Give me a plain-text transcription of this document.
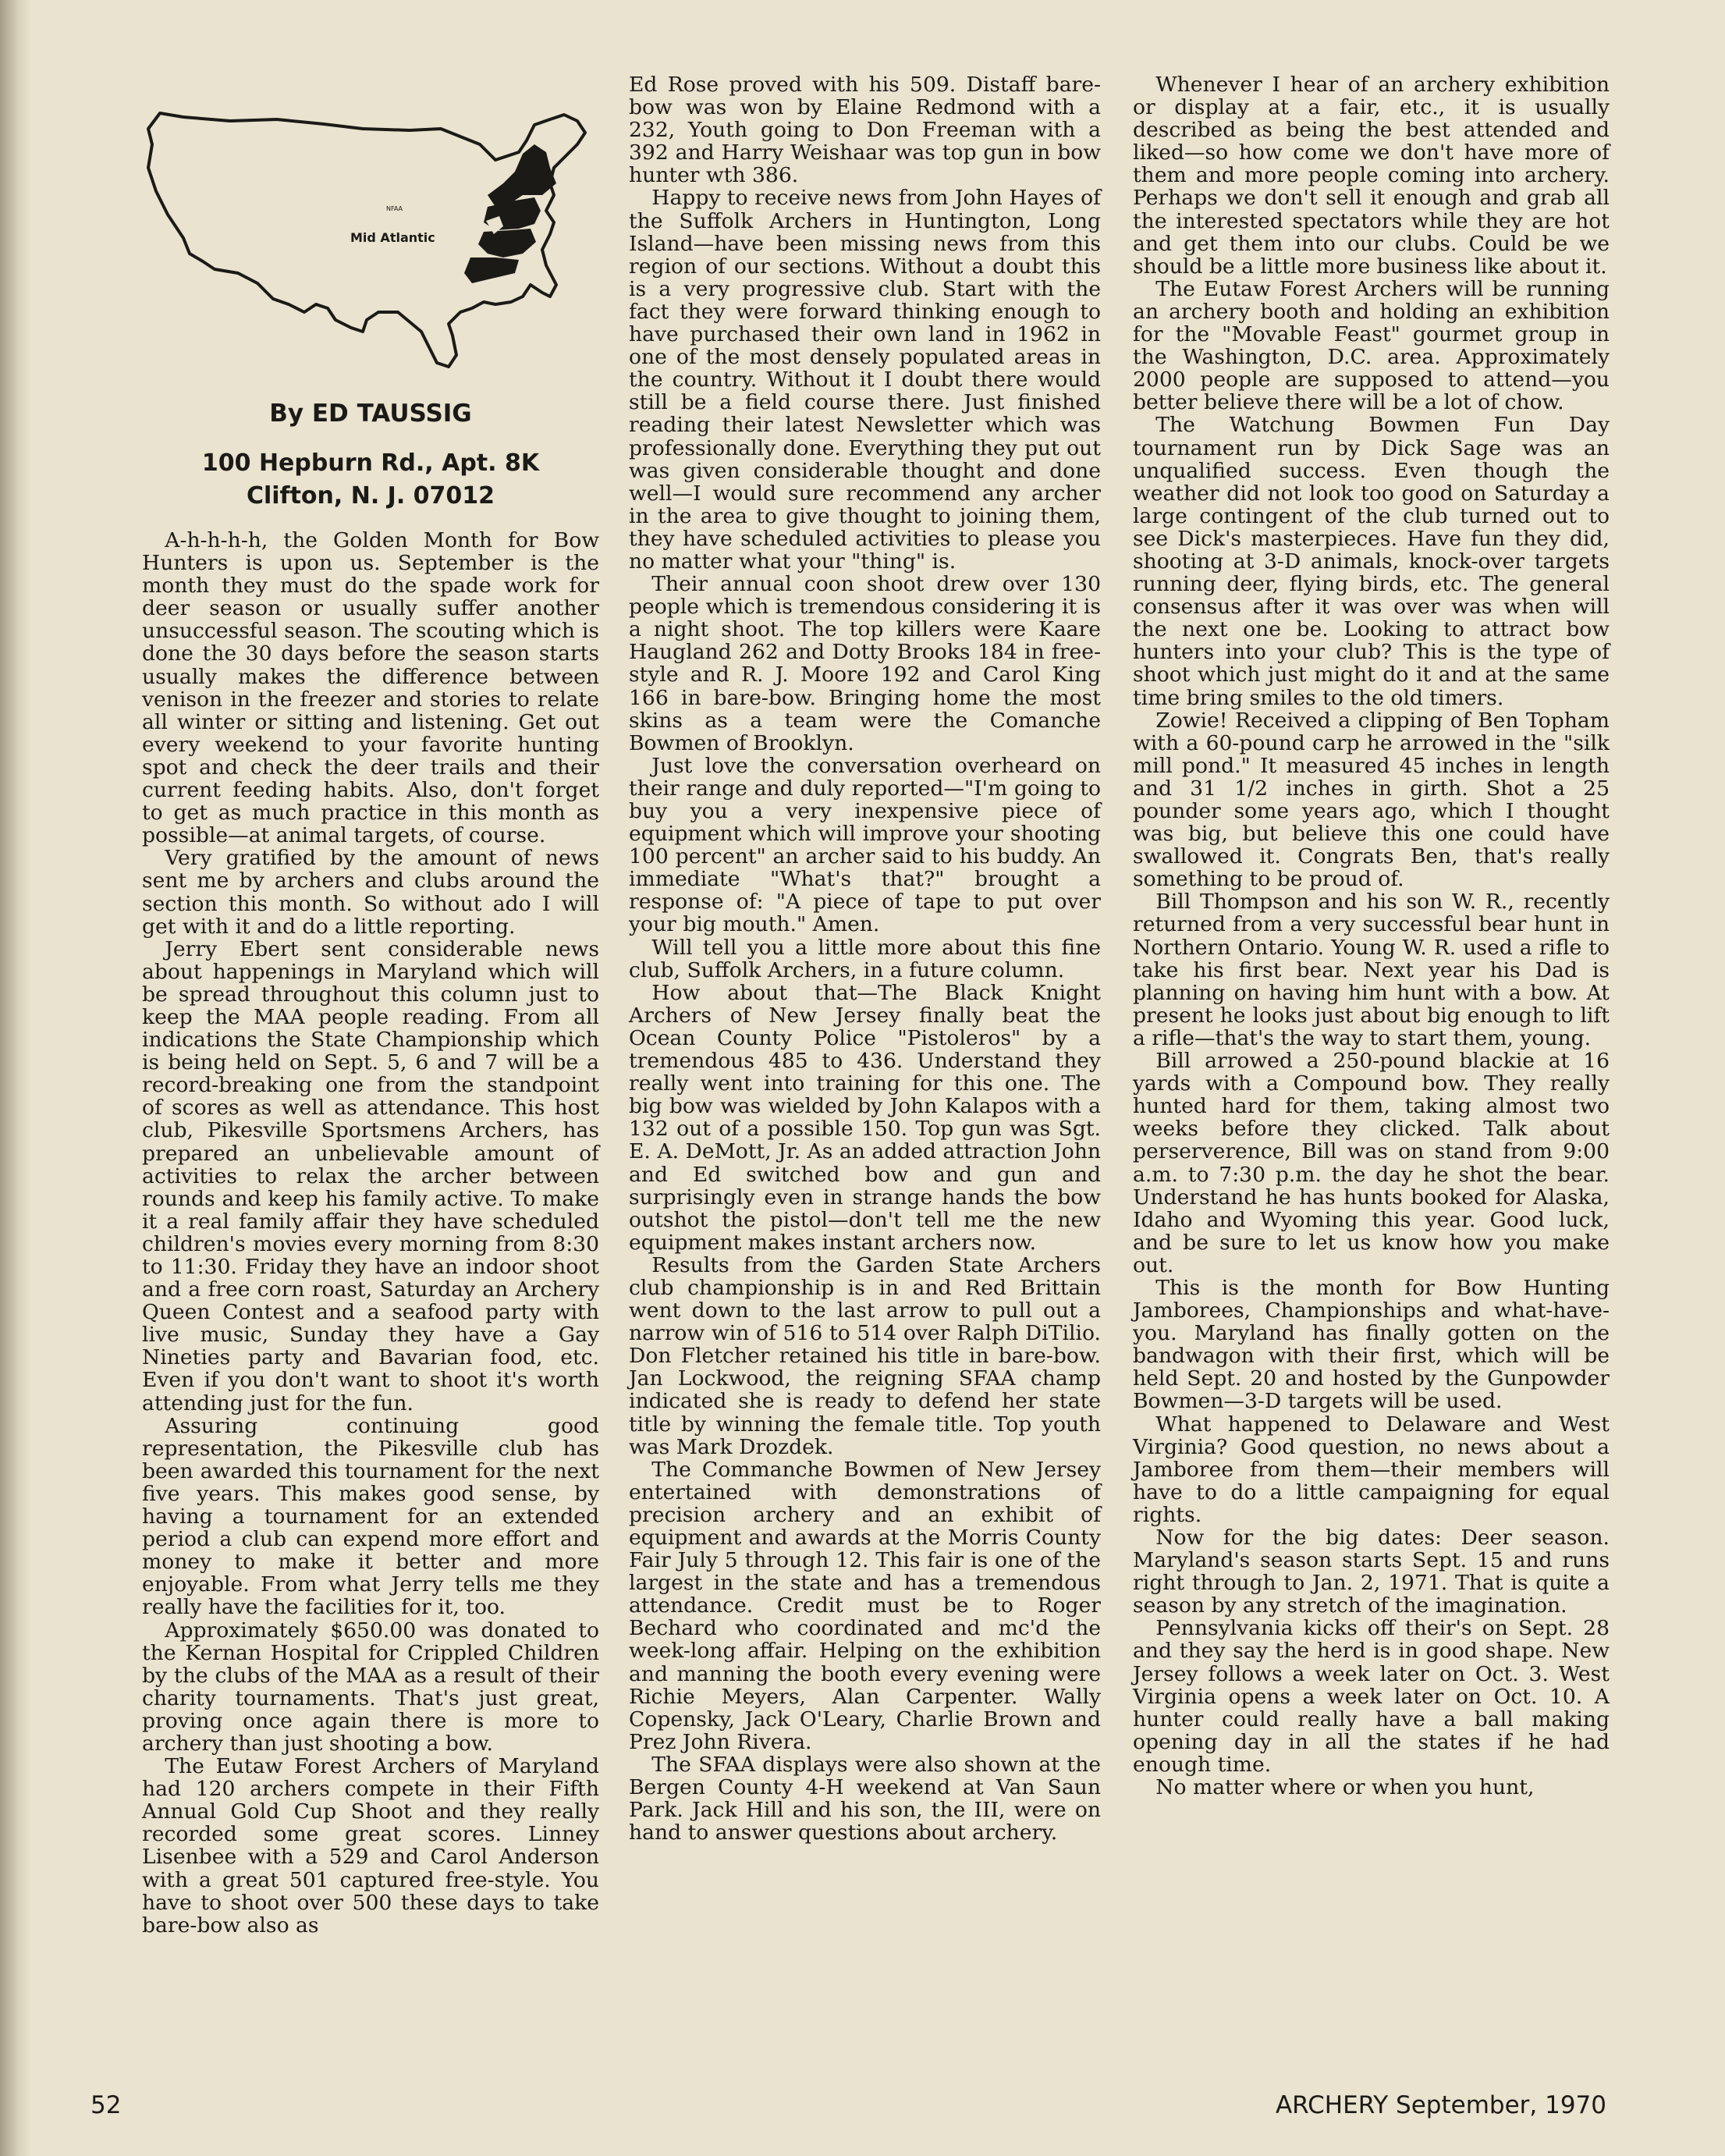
NFAA
Mid Atlantic
By ED TAUSSIG
100 Hepburn Rd., Apt. 8K
Clifton, N. J. 07012

A-h-h-h-h, the Golden Month for Bow Hunters is upon us. September is the month they must do the spade work for deer season or usually suffer another unsuccessful season. The scouting which is done the 30 days before the season starts usually makes the difference between venison in the freezer and stories to relate all winter or sitting and listening. Get out every weekend to your favorite hunting spot and check the deer trails and their current feeding habits. Also, don't forget to get as much practice in this month as possible—at animal targets, of course.

Very gratified by the amount of news sent me by archers and clubs around the section this month. So without ado I will get with it and do a little reporting.

Jerry Ebert sent considerable news about happenings in Maryland which will be spread throughout this column just to keep the MAA people reading. From all indications the State Championship which is being held on Sept. 5, 6 and 7 will be a record-breaking one from the standpoint of scores as well as attendance. This host club, Pikesville Sportsmens Archers, has prepared an unbelievable amount of activities to relax the archer between rounds and keep his family active. To make it a real family affair they have scheduled children's movies every morning from 8:30 to 11:30. Friday they have an indoor shoot and a free corn roast, Saturday an Archery Queen Contest and a seafood party with live music, Sunday they have a Gay Nineties party and Bavarian food, etc. Even if you don't want to shoot it's worth attending just for the fun.

Assuring continuing good representation, the Pikesville club has been awarded this tournament for the next five years. This makes good sense, by having a tournament for an extended period a club can expend more effort and money to make it better and more enjoyable. From what Jerry tells me they really have the facilities for it, too.

Approximately $650.00 was donated to the Kernan Hospital for Crippled Children by the clubs of the MAA as a result of their charity tournaments. That's just great, proving once again there is more to archery than just shooting a bow.

The Eutaw Forest Archers of Maryland had 120 archers compete in their Fifth Annual Gold Cup Shoot and they really recorded some great scores. Linney Lisenbee with a 529 and Carol Anderson with a great 501 captured free-style. You have to shoot over 500 these days to take bare-bow also as

Ed Rose proved with his 509. Distaff bare-bow was won by Elaine Redmond with a 232, Youth going to Don Freeman with a 392 and Harry Weishaar was top gun in bow hunter wth 386.

Happy to receive news from John Hayes of the Suffolk Archers in Huntington, Long Island—have been missing news from this region of our sections. Without a doubt this is a very progressive club. Start with the fact they were forward thinking enough to have purchased their own land in 1962 in one of the most densely populated areas in the country. Without it I doubt there would still be a field course there. Just finished reading their latest Newsletter which was professionally done. Everything they put out was given considerable thought and done well—I would sure recommend any archer in the area to give thought to joining them, they have scheduled activities to please you no matter what your "thing" is.

Their annual coon shoot drew over 130 people which is tremendous considering it is a night shoot. The top killers were Kaare Haugland 262 and Dotty Brooks 184 in free-style and R. J. Moore 192 and Carol King 166 in bare-bow. Bringing home the most skins as a team were the Comanche Bowmen of Brooklyn.

Just love the conversation overheard on their range and duly reported—"I'm going to buy you a very inexpensive piece of equipment which will improve your shooting 100 percent" an archer said to his buddy. An immediate "What's that?" brought a response of: "A piece of tape to put over your big mouth." Amen.

Will tell you a little more about this fine club, Suffolk Archers, in a future column.

How about that—The Black Knight Archers of New Jersey finally beat the Ocean County Police "Pistoleros" by a tremendous 485 to 436. Understand they really went into training for this one. The big bow was wielded by John Kalapos with a 132 out of a possible 150. Top gun was Sgt. E. A. DeMott, Jr. As an added attraction John and Ed switched bow and gun and surprisingly even in strange hands the bow outshot the pistol—don't tell me the new equipment makes instant archers now.

Results from the Garden State Archers club championship is in and Red Brittain went down to the last arrow to pull out a narrow win of 516 to 514 over Ralph DiTilio. Don Fletcher retained his title in bare-bow. Jan Lockwood, the reigning SFAA champ indicated she is ready to defend her state title by winning the female title. Top youth was Mark Drozdek.

The Commanche Bowmen of New Jersey entertained with demonstrations of precision archery and an exhibit of equipment and awards at the Morris County Fair July 5 through 12. This fair is one of the largest in the state and has a tremendous attendance. Credit must be to Roger Bechard who coordinated and mc'd the week-long affair. Helping on the exhibition and manning the booth every evening were Richie Meyers, Alan Carpenter. Wally Copensky, Jack O'Leary, Charlie Brown and Prez John Rivera.

The SFAA displays were also shown at the Bergen County 4-H weekend at Van Saun Park. Jack Hill and his son, the III, were on hand to answer questions about archery.

Whenever I hear of an archery exhibition or display at a fair, etc., it is usually described as being the best attended and liked—so how come we don't have more of them and more people coming into archery. Perhaps we don't sell it enough and grab all the interested spectators while they are hot and get them into our clubs. Could be we should be a little more business like about it.

The Eutaw Forest Archers will be running an archery booth and holding an exhibition for the "Movable Feast" gourmet group in the Washington, D.C. area. Approximately 2000 people are supposed to attend—you better believe there will be a lot of chow.

The Watchung Bowmen Fun Day tournament run by Dick Sage was an unqualified success. Even though the weather did not look too good on Saturday a large contingent of the club turned out to see Dick's masterpieces. Have fun they did, shooting at 3-D animals, knock-over targets running deer, flying birds, etc. The general consensus after it was over was when will the next one be. Looking to attract bow hunters into your club? This is the type of shoot which just might do it and at the same time bring smiles to the old timers.

Zowie! Received a clipping of Ben Topham with a 60-pound carp he arrowed in the "silk mill pond." It measured 45 inches in length and 31 1/2 inches in girth. Shot a 25 pounder some years ago, which I thought was big, but believe this one could have swallowed it. Congrats Ben, that's really something to be proud of.

Bill Thompson and his son W. R., recently returned from a very successful bear hunt in Northern Ontario. Young W. R. used a rifle to take his first bear. Next year his Dad is planning on having him hunt with a bow. At present he looks just about big enough to lift a rifle—that's the way to start them, young.

Bill arrowed a 250-pound blackie at 16 yards with a Compound bow. They really hunted hard for them, taking almost two weeks before they clicked. Talk about perserverence, Bill was on stand from 9:00 a.m. to 7:30 p.m. the day he shot the bear. Understand he has hunts booked for Alaska, Idaho and Wyoming this year. Good luck, and be sure to let us know how you make out.

This is the month for Bow Hunting Jamborees, Championships and what-have-you. Maryland has finally gotten on the bandwagon with their first, which will be held Sept. 20 and hosted by the Gunpowder Bowmen—3-D targets will be used.

What happened to Delaware and West Virginia? Good question, no news about a Jamboree from them—their members will have to do a little campaigning for equal rights.

Now for the big dates: Deer season. Maryland's season starts Sept. 15 and runs right through to Jan. 2, 1971. That is quite a season by any stretch of the imagination.

Pennsylvania kicks off their's on Sept. 28 and they say the herd is in good shape. New Jersey follows a week later on Oct. 3. West Virginia opens a week later on Oct. 10. A hunter could really have a ball making opening day in all the states if he had enough time.

No matter where or when you hunt,

52	ARCHERY September, 1970
